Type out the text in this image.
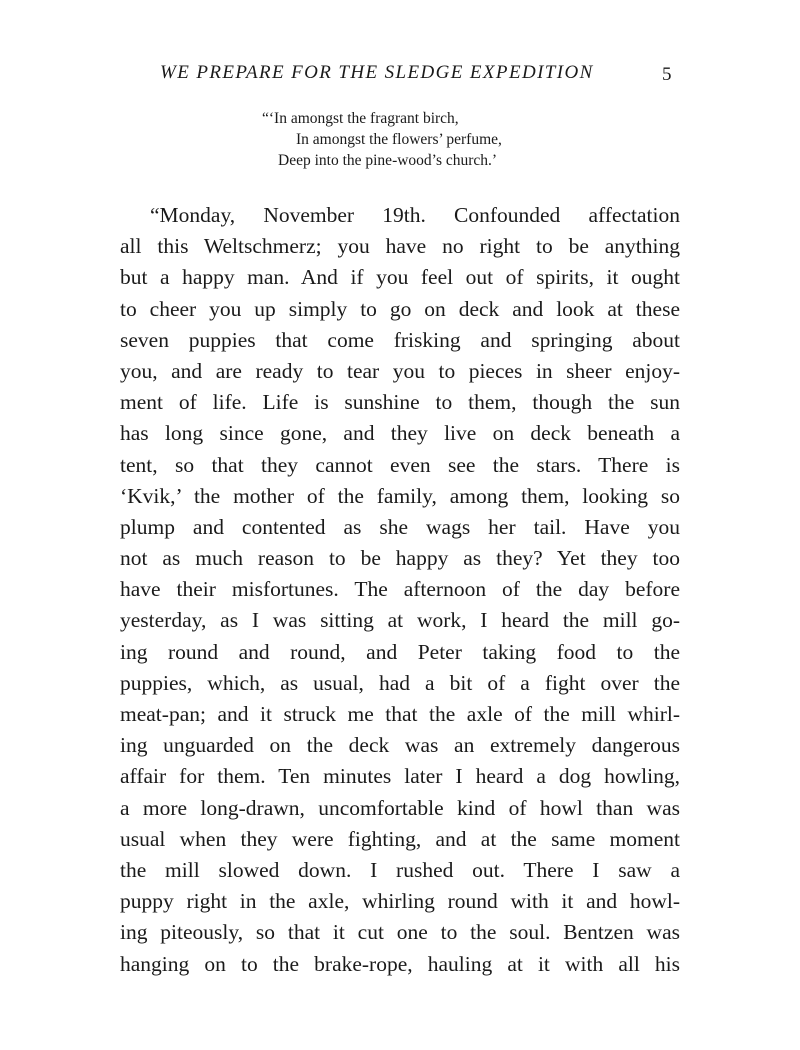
WE PREPARE FOR THE SLEDGE EXPEDITION	5
“‘In amongst the fragrant birch,
In amongst the flowers’ perfume,
Deep into the pine-wood’s church.’
“Monday, November 19th. Confounded affectation
all this Weltschmerz; you have no right to be anything
but a happy man. And if you feel out of spirits, it ought
to cheer you up simply to go on deck and look at these
seven puppies that come frisking and springing about
you, and are ready to tear you to pieces in sheer enjoy-
ment of life. Life is sunshine to them, though the sun
has long since gone, and they live on deck beneath a
tent, so that they cannot even see the stars. There is
‘Kvik,’ the mother of the family, among them, looking so
plump and contented as she wags her tail. Have you
not as much reason to be happy as they? Yet they too
have their misfortunes. The afternoon of the day before
yesterday, as I was sitting at work, I heard the mill go-
ing round and round, and Peter taking food to the
puppies, which, as usual, had a bit of a fight over the
meat-pan; and it struck me that the axle of the mill whirl-
ing unguarded on the deck was an extremely dangerous
affair for them. Ten minutes later I heard a dog howling,
a more long-drawn, uncomfortable kind of howl than was
usual when they were fighting, and at the same moment
the mill slowed down. I rushed out. There I saw a
puppy right in the axle, whirling round with it and howl-
ing piteously, so that it cut one to the soul. Bentzen was
hanging on to the brake-rope, hauling at it with all his
